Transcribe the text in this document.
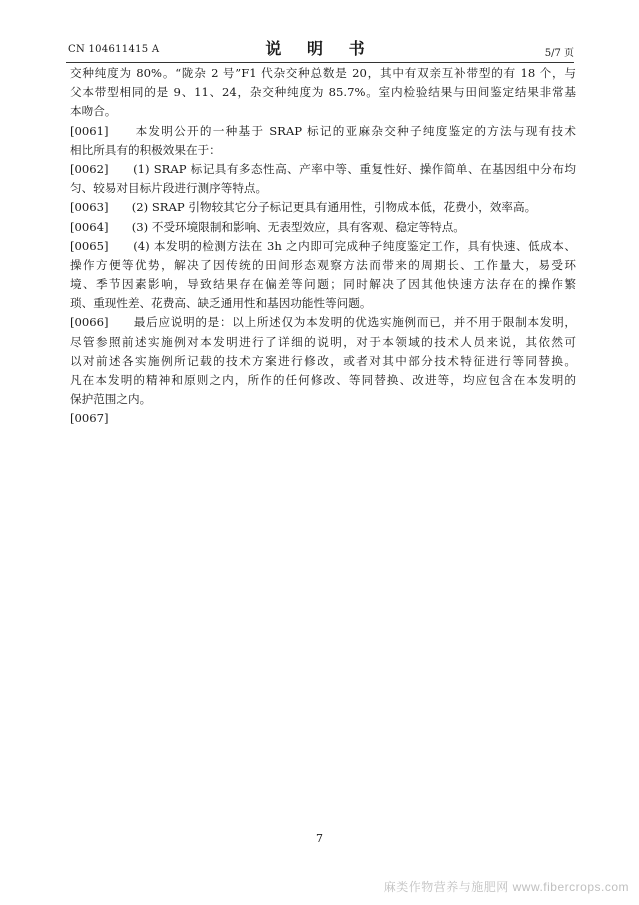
CN 104611415 A	说 明 书	5/7 页
交种纯度为 80%。“陇杂 2 号”F1 代杂交种总数是 20，其中有双亲互补带型的有 18 个，与
父本带型相同的是 9、11、24，杂交种纯度为 85.7%。室内检验结果与田间鉴定结果非常基
本吻合。
[0061]　　本发明公开的一种基于 SRAP 标记的亚麻杂交种子纯度鉴定的方法与现有技术
相比所具有的积极效果在于：
[0062]　　(1) SRAP 标记具有多态性高、产率中等、重复性好、操作简单、在基因组中分布均
匀、较易对目标片段进行测序等特点。
[0063]　　(2) SRAP 引物较其它分子标记更具有通用性，引物成本低，花费小，效率高。
[0064]　　(3) 不受环境限制和影响、无表型效应，具有客观、稳定等特点。
[0065]　　(4) 本发明的检测方法在 3h 之内即可完成种子纯度鉴定工作，具有快速、低成本、
操作方便等优势，解决了因传统的田间形态观察方法而带来的周期长、工作量大，易受环
境、季节因素影响，导致结果存在偏差等问题；同时解决了因其他快速方法存在的操作繁
琐、重现性差、花费高、缺乏通用性和基因功能性等问题。
[0066]　　最后应说明的是：以上所述仅为本发明的优选实施例而已，并不用于限制本发明，
尽管参照前述实施例对本发明进行了详细的说明，对于本领域的技术人员来说，其依然可
以对前述各实施例所记载的技术方案进行修改，或者对其中部分技术特征进行等同替换。
凡在本发明的精神和原则之内，所作的任何修改、等同替换、改进等，均应包含在本发明的
保护范围之内。
[0067]
7
麻类作物营养与施肥网 www.fibercrops.com
